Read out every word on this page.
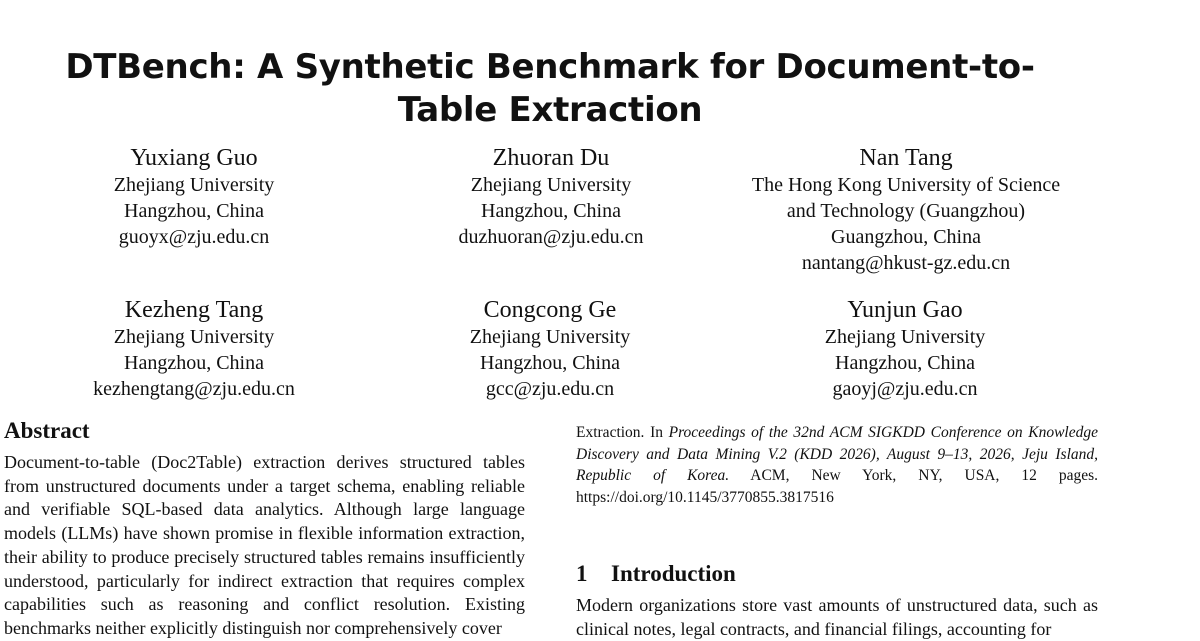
DTBench: A Synthetic Benchmark for Document-to-Table Extraction
Yuxiang Guo
Zhejiang University
Hangzhou, China
guoyx@zju.edu.cn
Zhuoran Du
Zhejiang University
Hangzhou, China
duzhuoran@zju.edu.cn
Nan Tang
The Hong Kong University of Science
and Technology (Guangzhou)
Guangzhou, China
nantang@hkust-gz.edu.cn
Kezheng Tang
Zhejiang University
Hangzhou, China
kezhengtang@zju.edu.cn
Congcong Ge
Zhejiang University
Hangzhou, China
gcc@zju.edu.cn
Yunjun Gao
Zhejiang University
Hangzhou, China
gaoyj@zju.edu.cn
Abstract

Document-to-table (Doc2Table) extraction derives structured tables from unstructured documents under a target schema, enabling reliable and verifiable SQL-based data analytics. Although large language models (LLMs) have shown promise in flexible information extraction, their ability to produce precisely structured tables remains insufficiently understood, particularly for indirect extraction that requires complex capabilities such as reasoning and conflict resolution. Existing benchmarks neither explicitly distinguish nor comprehensively cover

Extraction. In Proceedings of the 32nd ACM SIGKDD Conference on Knowledge Discovery and Data Mining V.2 (KDD 2026), August 9–13, 2026, Jeju Island, Republic of Korea. ACM, New York, NY, USA, 12 pages. https://doi.org/10.1145/3770855.3817516

1 Introduction

Modern organizations store vast amounts of unstructured data, such as clinical notes, legal contracts, and financial filings, accounting for
